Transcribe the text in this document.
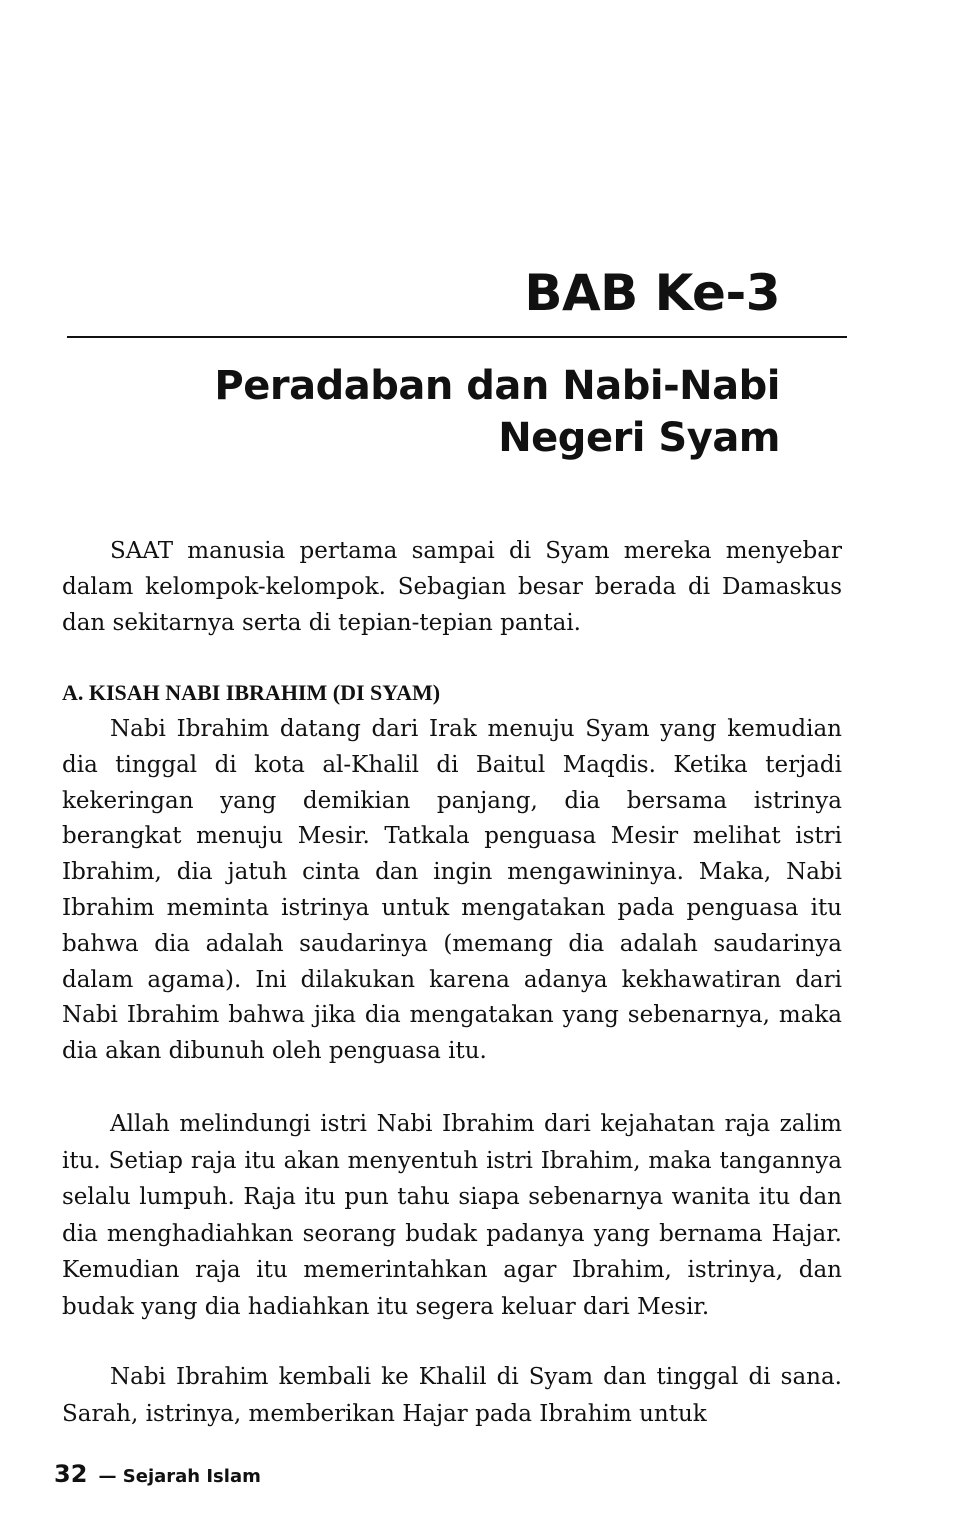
BAB Ke-3
Peradaban dan Nabi-Nabi
Negeri Syam

SAAT manusia pertama sampai di Syam mereka menyebar dalam kelompok-kelompok. Sebagian besar berada di Damaskus dan sekitarnya serta di tepian-tepian pantai.

A. KISAH NABI IBRAHIM (DI SYAM)

Nabi Ibrahim datang dari Irak menuju Syam yang kemudian dia tinggal di kota al-Khalil di Baitul Maqdis. Ketika terjadi kekeringan yang demikian panjang, dia bersama istrinya berangkat menuju Mesir. Tatkala penguasa Mesir melihat istri Ibrahim, dia jatuh cinta dan ingin mengawininya. Maka, Nabi Ibrahim meminta istrinya untuk mengatakan pada penguasa itu bahwa dia adalah saudarinya (memang dia adalah saudarinya dalam agama). Ini dilakukan karena adanya kekhawatiran dari Nabi Ibrahim bahwa jika dia mengatakan yang sebenarnya, maka dia akan dibunuh oleh penguasa itu.

Allah melindungi istri Nabi Ibrahim dari kejahatan raja zalim itu. Setiap raja itu akan menyentuh istri Ibrahim, maka tangannya selalu lumpuh. Raja itu pun tahu siapa sebenarnya wanita itu dan dia menghadiahkan seorang budak padanya yang bernama Hajar. Kemudian raja itu memerintahkan agar Ibrahim, istrinya, dan budak yang dia hadiahkan itu segera keluar dari Mesir.

Nabi Ibrahim kembali ke Khalil di Syam dan tinggal di sana. Sarah, istrinya, memberikan Hajar pada Ibrahim untuk

32 — Sejarah Islam
